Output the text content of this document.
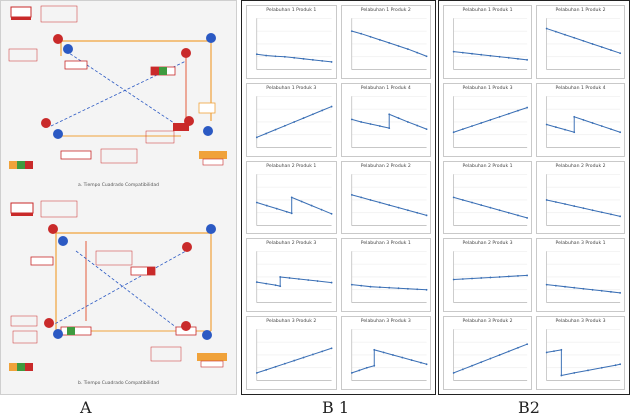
a. Tiempo Cuadrado Compatibilidad
b. Tiempo Cuadrado Compatibilidad
Pelabuhan 1 Produk 1	Pelabuhan 1 Produk 2
Pelabuhan 1 Produk 3	Pelabuhan 1 Produk 4
Pelabuhan 2 Produk 1	Pelabuhan 2 Produk 2
Pelabuhan 2 Produk 3	Pelabuhan 3 Produk 1
Pelabuhan 3 Produk 2	Pelabuhan 3 Produk 3
Pelabuhan 1 Produk 1	Pelabuhan 1 Produk 2
Pelabuhan 1 Produk 3	Pelabuhan 1 Produk 4
Pelabuhan 2 Produk 1	Pelabuhan 2 Produk 2
Pelabuhan 2 Produk 3	Pelabuhan 3 Produk 1
Pelabuhan 3 Produk 2	Pelabuhan 3 Produk 3
A	B 1	B2
